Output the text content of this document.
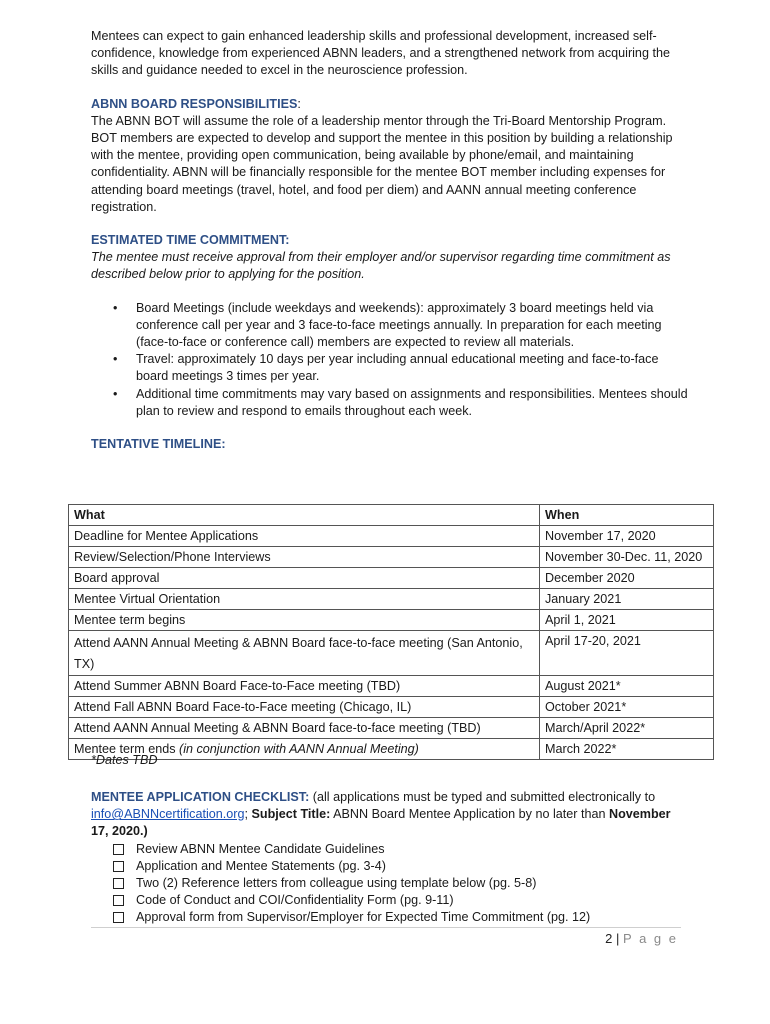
Mentees can expect to gain enhanced leadership skills and professional development, increased self-confidence, knowledge from experienced ABNN leaders, and a strengthened network from acquiring the skills and guidance needed to excel in the neuroscience profession.

ABNN BOARD RESPONSIBILITIES:

The ABNN BOT will assume the role of a leadership mentor through the Tri-Board Mentorship Program. BOT members are expected to develop and support the mentee in this position by building a relationship with the mentee, providing open communication, being available by phone/email, and maintaining confidentiality. ABNN will be financially responsible for the mentee BOT member including expenses for attending board meetings (travel, hotel, and food per diem) and AANN annual meeting conference registration.

ESTIMATED TIME COMMITMENT:

The mentee must receive approval from their employer and/or supervisor regarding time commitment as described below prior to applying for the position.

• Board Meetings (include weekdays and weekends): approximately 3 board meetings held via conference call per year and 3 face-to-face meetings annually. In preparation for each meeting (face-to-face or conference call) members are expected to review all materials.
• Travel: approximately 10 days per year including annual educational meeting and face-to-face board meetings 3 times per year.
• Additional time commitments may vary based on assignments and responsibilities. Mentees should plan to review and respond to emails throughout each week.

TENTATIVE TIMELINE:

What	When
Deadline for Mentee Applications	November 17, 2020
Review/Selection/Phone Interviews	November 30-Dec. 11, 2020
Board approval	December 2020
Mentee Virtual Orientation	January 2021
Mentee term begins	April 1, 2021
Attend AANN Annual Meeting & ABNN Board face-to-face meeting (San Antonio, TX)	April 17-20, 2021
Attend Summer ABNN Board Face-to-Face meeting (TBD)	August 2021*
Attend Fall ABNN Board Face-to-Face meeting (Chicago, IL)	October 2021*
Attend AANN Annual Meeting & ABNN Board face-to-face meeting (TBD)	March/April 2022*
Mentee term ends (in conjunction with AANN Annual Meeting)	March 2022*
*Dates TBD

MENTEE APPLICATION CHECKLIST: (all applications must be typed and submitted electronically to info@ABNNcertification.org; Subject Title: ABNN Board Mentee Application by no later than November 17, 2020.)

Review ABNN Mentee Candidate Guidelines
Application and Mentee Statements (pg. 3-4)
Two (2) Reference letters from colleague using template below (pg. 5-8)
Code of Conduct and COI/Confidentiality Form (pg. 9-11)
Approval form from Supervisor/Employer for Expected Time Commitment (pg. 12)
2 | P a g e
